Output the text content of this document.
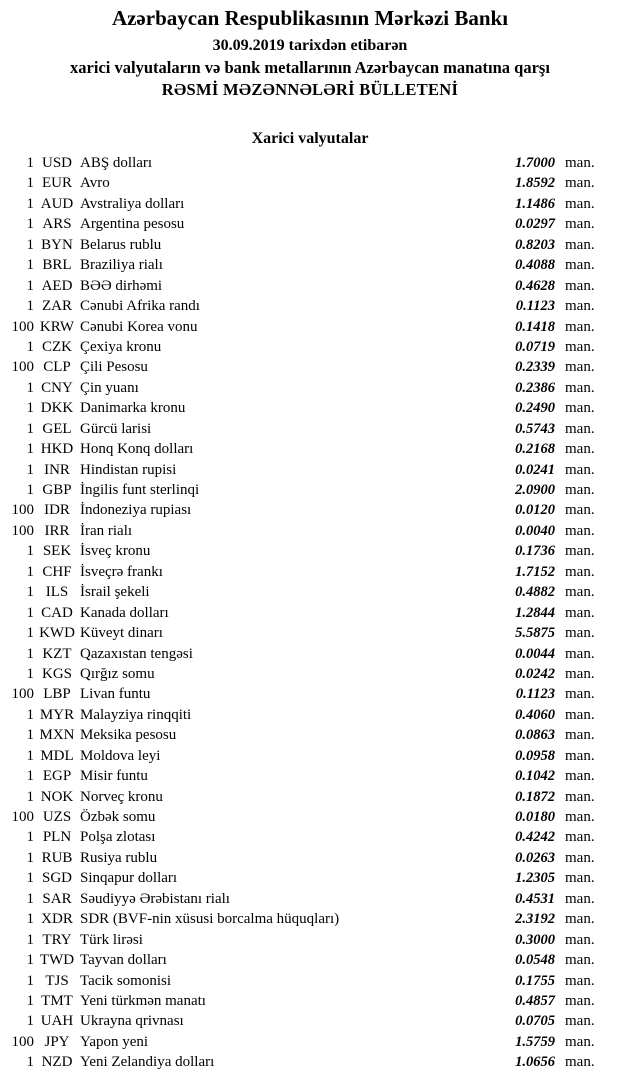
Azərbaycan Respublikasının Mərkəzi Bankı
30.09.2019 tarixdən etibarən
xarici valyutaların və bank metallarının Azərbaycan manatına qarşı
RƏSMİ MƏZƏNNƏLƏRİ BÜLLETENİ
Xarici valyutalar
1 USD ABŞ dolları	1.7000 man.
1 EUR Avro	1.8592 man.
1 AUD Avstraliya dolları	1.1486 man.
1 ARS Argentina pesosu	0.0297 man.
1 BYN Belarus rublu	0.8203 man.
1 BRL Braziliya rialı	0.4088 man.
1 AED BƏƏ dirhəmi	0.4628 man.
1 ZAR Cənubi Afrika randı	0.1123 man.
100 KRW Cənubi Korea vonu	0.1418 man.
1 CZK Çexiya kronu	0.0719 man.
100 CLP Çili Pesosu	0.2339 man.
1 CNY Çin yuanı	0.2386 man.
1 DKK Danimarka kronu	0.2490 man.
1 GEL Gürcü larisi	0.5743 man.
1 HKD Honq Konq dolları	0.2168 man.
1 INR Hindistan rupisi	0.0241 man.
1 GBP İngilis funt sterlinqi	2.0900 man.
100 IDR İndoneziya rupiası	0.0120 man.
100 IRR İran rialı	0.0040 man.
1 SEK İsveç kronu	0.1736 man.
1 CHF İsveçrə frankı	1.7152 man.
1 ILS İsrail şekeli	0.4882 man.
1 CAD Kanada dolları	1.2844 man.
1 KWD Küveyt dinarı	5.5875 man.
1 KZT Qazaxıstan tengəsi	0.0044 man.
1 KGS Qırğız somu	0.0242 man.
100 LBP Livan funtu	0.1123 man.
1 MYR Malayziya rinqqiti	0.4060 man.
1 MXN Meksika pesosu	0.0863 man.
1 MDL Moldova leyi	0.0958 man.
1 EGP Misir funtu	0.1042 man.
1 NOK Norveç kronu	0.1872 man.
100 UZS Özbək somu	0.0180 man.
1 PLN Polşa zlotası	0.4242 man.
1 RUB Rusiya rublu	0.0263 man.
1 SGD Sinqapur dolları	1.2305 man.
1 SAR Səudiyyə Ərəbistanı rialı	0.4531 man.
1 XDR SDR (BVF-nin xüsusi borcalma hüquqları)	2.3192 man.
1 TRY Türk lirəsi	0.3000 man.
1 TWD Tayvan dolları	0.0548 man.
1 TJS Tacik somonisi	0.1755 man.
1 TMT Yeni türkmən manatı	0.4857 man.
1 UAH Ukrayna qrivnası	0.0705 man.
100 JPY Yapon yeni	1.5759 man.
1 NZD Yeni Zelandiya dolları	1.0656 man.
